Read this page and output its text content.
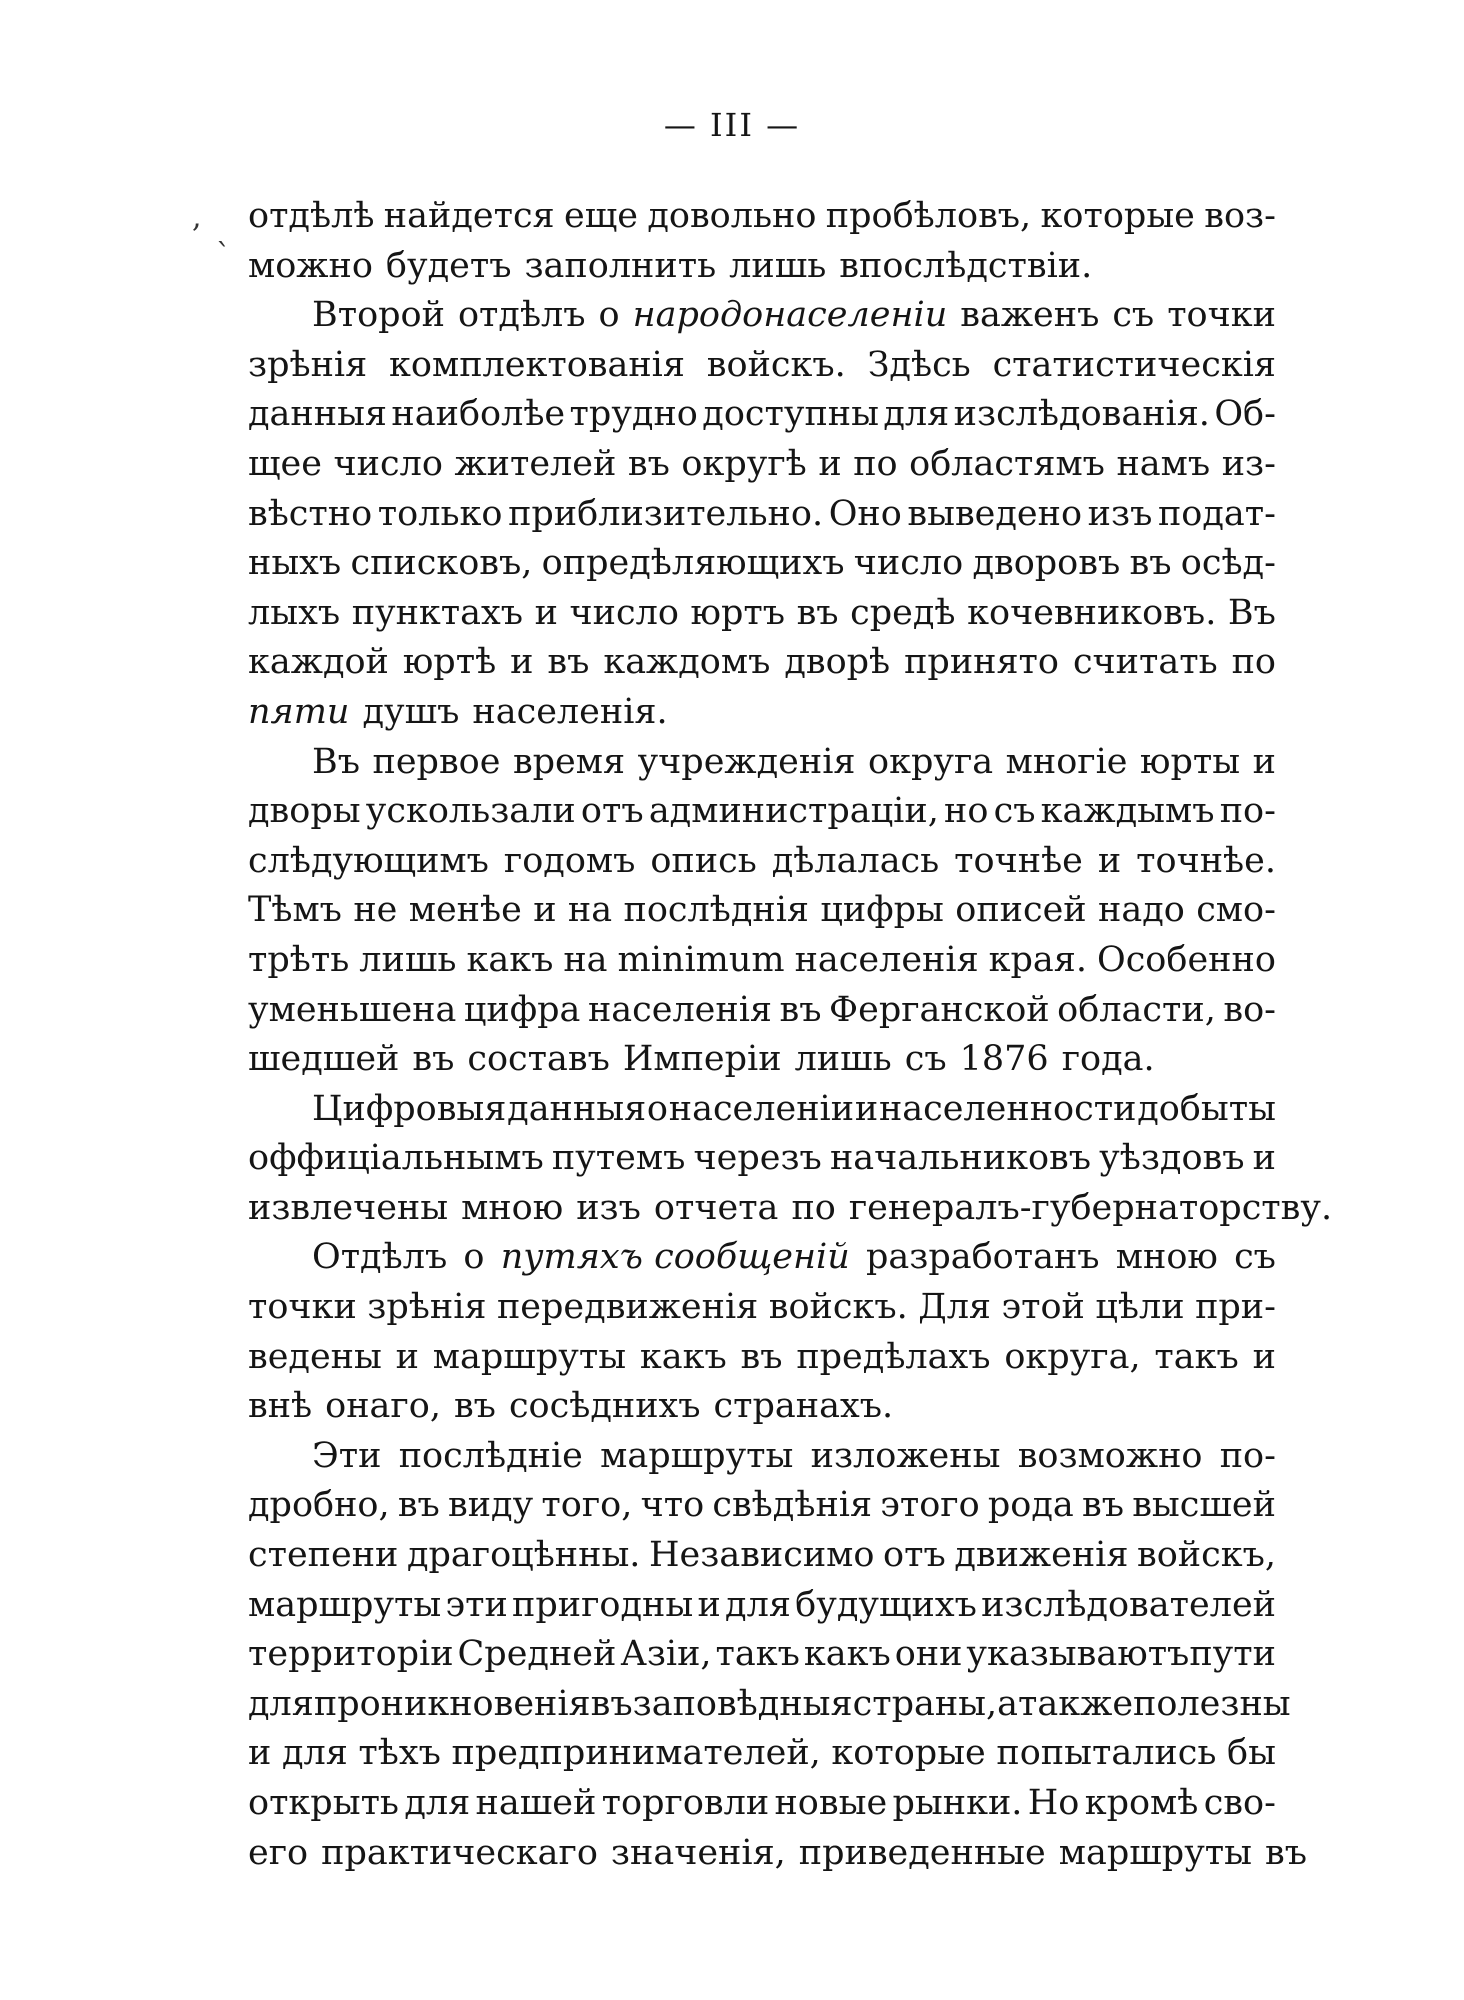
— III —
,
`
отдѣлѣ найдется еще довольно пробѣловъ, которые воз-
можно будетъ заполнить лишь впослѣдствіи.
Второй отдѣлъ о народонаселеніи важенъ съ точки
зрѣнія комплектованія войскъ. Здѣсь статистическія
данныя наиболѣе трудно доступны для изслѣдованія. Об-
щее число жителей въ округѣ и по областямъ намъ из-
вѣстно только приблизительно. Оно выведено изъ подат-
ныхъ списковъ, опредѣляющихъ число дворовъ въ осѣд-
лыхъ пунктахъ и число юртъ въ средѣ кочевниковъ. Въ
каждой юртѣ и въ каждомъ дворѣ принято считать по
пяти душъ населенія.
Въ первое время учрежденія округа многіе юрты и
дворы ускользали отъ администраціи, но съ каждымъ по-
слѣдующимъ годомъ опись дѣлалась точнѣе и точнѣе.
Тѣмъ не менѣе и на послѣднія цифры описей надо смо-
трѣть лишь какъ на minimum населенія края. Особенно
уменьшена цифра населенія въ Ферганской области, во-
шедшей въ составъ Имперіи лишь съ 1876 года.
Цифровыя данныя о населеніи и населенности добыты
оффиціальнымъ путемъ черезъ начальниковъ уѣздовъ и
извлечены мною изъ отчета по генералъ-губернаторству.
Отдѣлъ о путяхъ сообщеній разработанъ мною съ
точки зрѣнія передвиженія войскъ. Для этой цѣли при-
ведены и маршруты какъ въ предѣлахъ округа, такъ и
внѣ онаго, въ сосѣднихъ странахъ.
Эти послѣдніе маршруты изложены возможно по-
дробно, въ виду того, что свѣдѣнія этого рода въ высшей
степени драгоцѣнны. Независимо отъ движенія войскъ,
маршруты эти пригодны и для будущихъ изслѣдователей
территоріи Средней Азіи, такъ какъ они указываютъпути
для проникновенія въ заповѣдныя страны, а также полезны
и для тѣхъ предпринимателей, которые попытались бы
открыть для нашей торговли новые рынки. Но кромѣ сво-
его практическаго значенія, приведенные маршруты въ
